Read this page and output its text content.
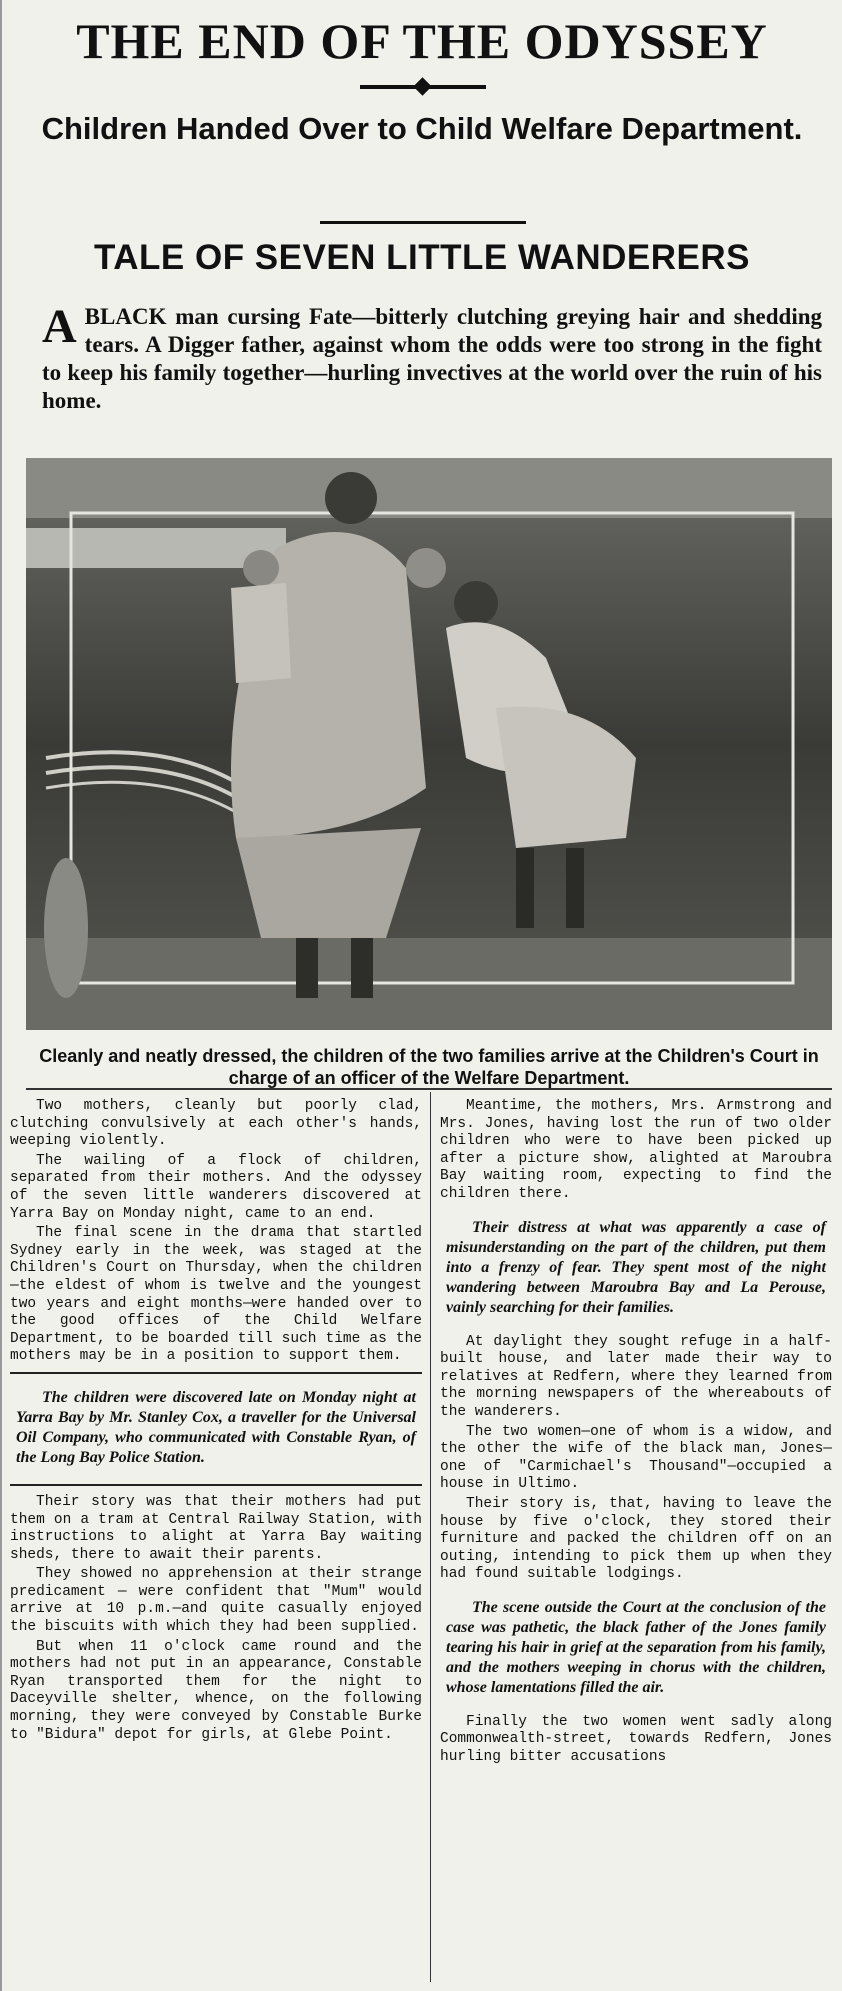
THE END OF THE ODYSSEY
Children Handed Over to Child Welfare Department.
TALE OF SEVEN LITTLE WANDERERS
ABLACK man cursing Fate—bitterly clutching greying hair and shedding tears. A Digger father, against whom the odds were too strong in the fight to keep his family together—hurling invectives at the world over the ruin of his home.
Cleanly and neatly dressed, the children of the two families arrive at the Children's Court in charge of an officer of the Welfare Department.

Two mothers, cleanly but poorly clad, clutching convulsively at each other's hands, weeping violently.

The wailing of a flock of children, separated from their mothers. And the odyssey of the seven little wanderers discovered at Yarra Bay on Monday night, came to an end.

The final scene in the drama that startled Sydney early in the week, was staged at the Children's Court on Thursday, when the children—the eldest of whom is twelve and the youngest two years and eight months—were handed over to the good offices of the Child Welfare Department, to be boarded till such time as the mothers may be in a position to support them.

The children were discovered late on Monday night at Yarra Bay by Mr. Stanley Cox, a traveller for the Universal Oil Company, who communicated with Constable Ryan, of the Long Bay Police Station.

Their story was that their mothers had put them on a tram at Central Railway Station, with instructions to alight at Yarra Bay waiting sheds, there to await their parents.

They showed no apprehension at their strange predicament — were confident that "Mum" would arrive at 10 p.m.—and quite casually enjoyed the biscuits with which they had been supplied.

But when 11 o'clock came round and the mothers had not put in an appearance, Constable Ryan transported them for the night to Daceyville shelter, whence, on the following morning, they were conveyed by Constable Burke to "Bidura" depot for girls, at Glebe Point.

Meantime, the mothers, Mrs. Armstrong and Mrs. Jones, having lost the run of two older children who were to have been picked up after a picture show, alighted at Maroubra Bay waiting room, expecting to find the children there.

Their distress at what was apparently a case of misunderstanding on the part of the children, put them into a frenzy of fear. They spent most of the night wandering between Maroubra Bay and La Perouse, vainly searching for their families.

At daylight they sought refuge in a half-built house, and later made their way to relatives at Redfern, where they learned from the morning newspapers of the whereabouts of the wanderers.

The two women—one of whom is a widow, and the other the wife of the black man, Jones—one of "Carmichael's Thousand"—occupied a house in Ultimo.

Their story is, that, having to leave the house by five o'clock, they stored their furniture and packed the children off on an outing, intending to pick them up when they had found suitable lodgings.

The scene outside the Court at the conclusion of the case was pathetic, the black father of the Jones family tearing his hair in grief at the separation from his family, and the mothers weeping in chorus with the children, whose lamentations filled the air.

Finally the two women went sadly along Commonwealth-street, towards Redfern, Jones hurling bitter accusations
